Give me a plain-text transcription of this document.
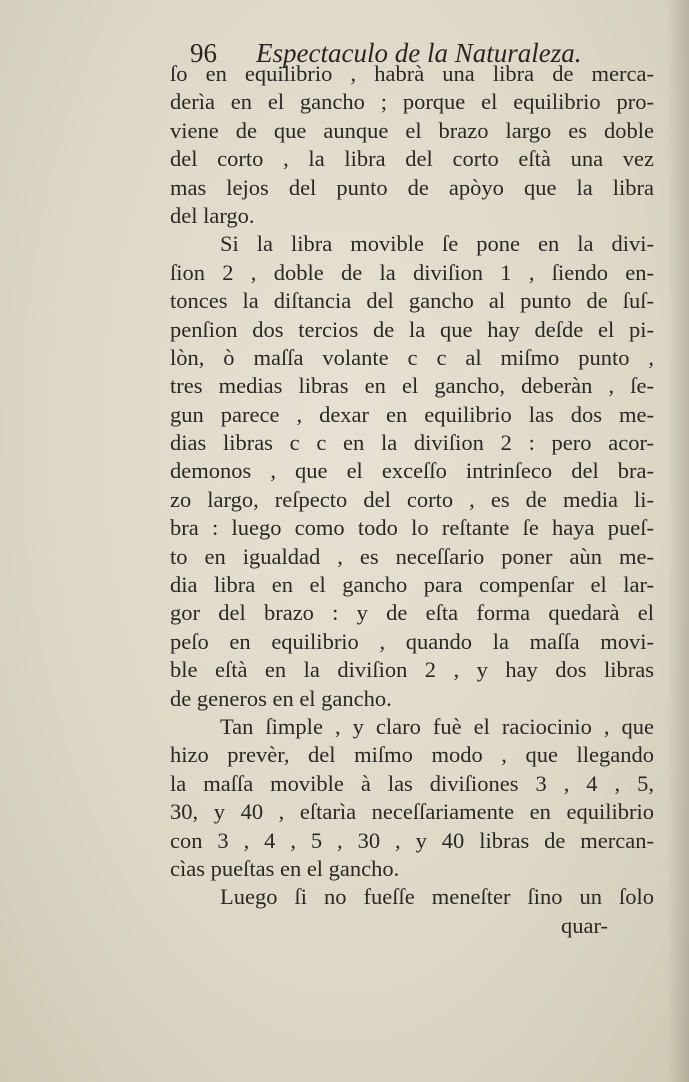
96 Espectaculo de la Naturaleza.
ſo en equilibrio , habrà una libra de merca-
derìa en el gancho ; porque el equilibrio pro-
viene de que aunque el brazo largo es doble
del corto , la libra del corto eſtà una vez
mas lejos del punto de apòyo que la libra
del largo.
Si la libra movible ſe pone en la divi-
ſion 2 , doble de la diviſion 1 , ſiendo en-
tonces la diſtancia del gancho al punto de ſuſ-
penſion dos tercios de la que hay deſde el pi-
lòn, ò maſſa volante c c al miſmo punto ,
tres medias libras en el gancho, deberàn , ſe-
gun parece , dexar en equilibrio las dos me-
dias libras c c en la diviſion 2 : pero acor-
demonos , que el exceſſo intrinſeco del bra-
zo largo, reſpecto del corto , es de media li-
bra : luego como todo lo reſtante ſe haya pueſ-
to en igualdad , es neceſſario poner aùn me-
dia libra en el gancho para compenſar el lar-
gor del brazo : y de eſta forma quedarà el
peſo en equilibrio , quando la maſſa movi-
ble eſtà en la diviſion 2 , y hay dos libras
de generos en el gancho.
Tan ſimple , y claro fuè el raciocinio , que
hizo prevèr, del miſmo modo , que llegando
la maſſa movible à las diviſiones 3 , 4 , 5,
30, y 40 , eſtarìa neceſſariamente en equilibrio
con 3 , 4 , 5 , 30 , y 40 libras de mercan-
cìas pueſtas en el gancho.
Luego ſi no fueſſe meneſter ſino un ſolo
quar-
